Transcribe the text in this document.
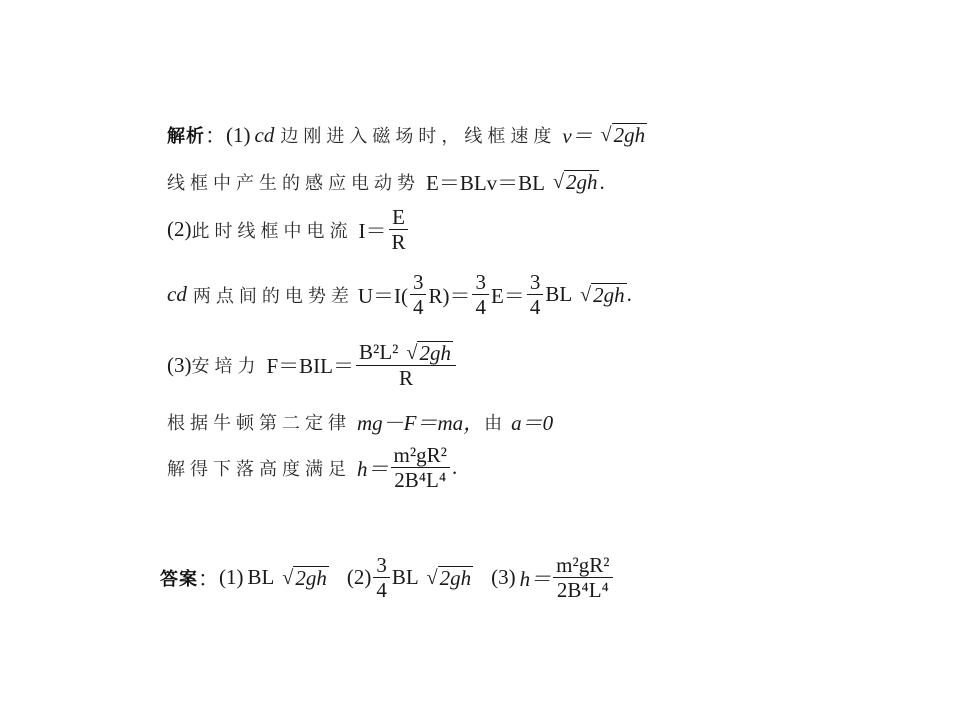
解析 ： (1) cd 边刚进入磁场时，线框速度 v＝ √ 2gh
线框中产生的感应电动势 E＝BLv＝BL √ 2gh .
(2) 此时线框中电流 $I= \frac{E}{R}$
cd 两点间的电势差 $U=I( \frac{3}{4} R)= \frac{3}{4} E= \frac{3}{4}$ BL √ 2gh .
(3) 安培力 $F=BIL= \frac{\text{B²L² √ 2gh}}{R}$
根据牛顿第二定律 mg－F＝ma， 由 a＝0
解得下落高度满足 $h= \frac{\text{m²gR²}}{\text{2B⁴L⁴}}$ .
答案 ： (1) BL √ 2gh $(2) \frac{3}{4}$ BL √ 2gh (3) $h= \frac{\text{m²gR²}}{\text{2B⁴L⁴}}$
